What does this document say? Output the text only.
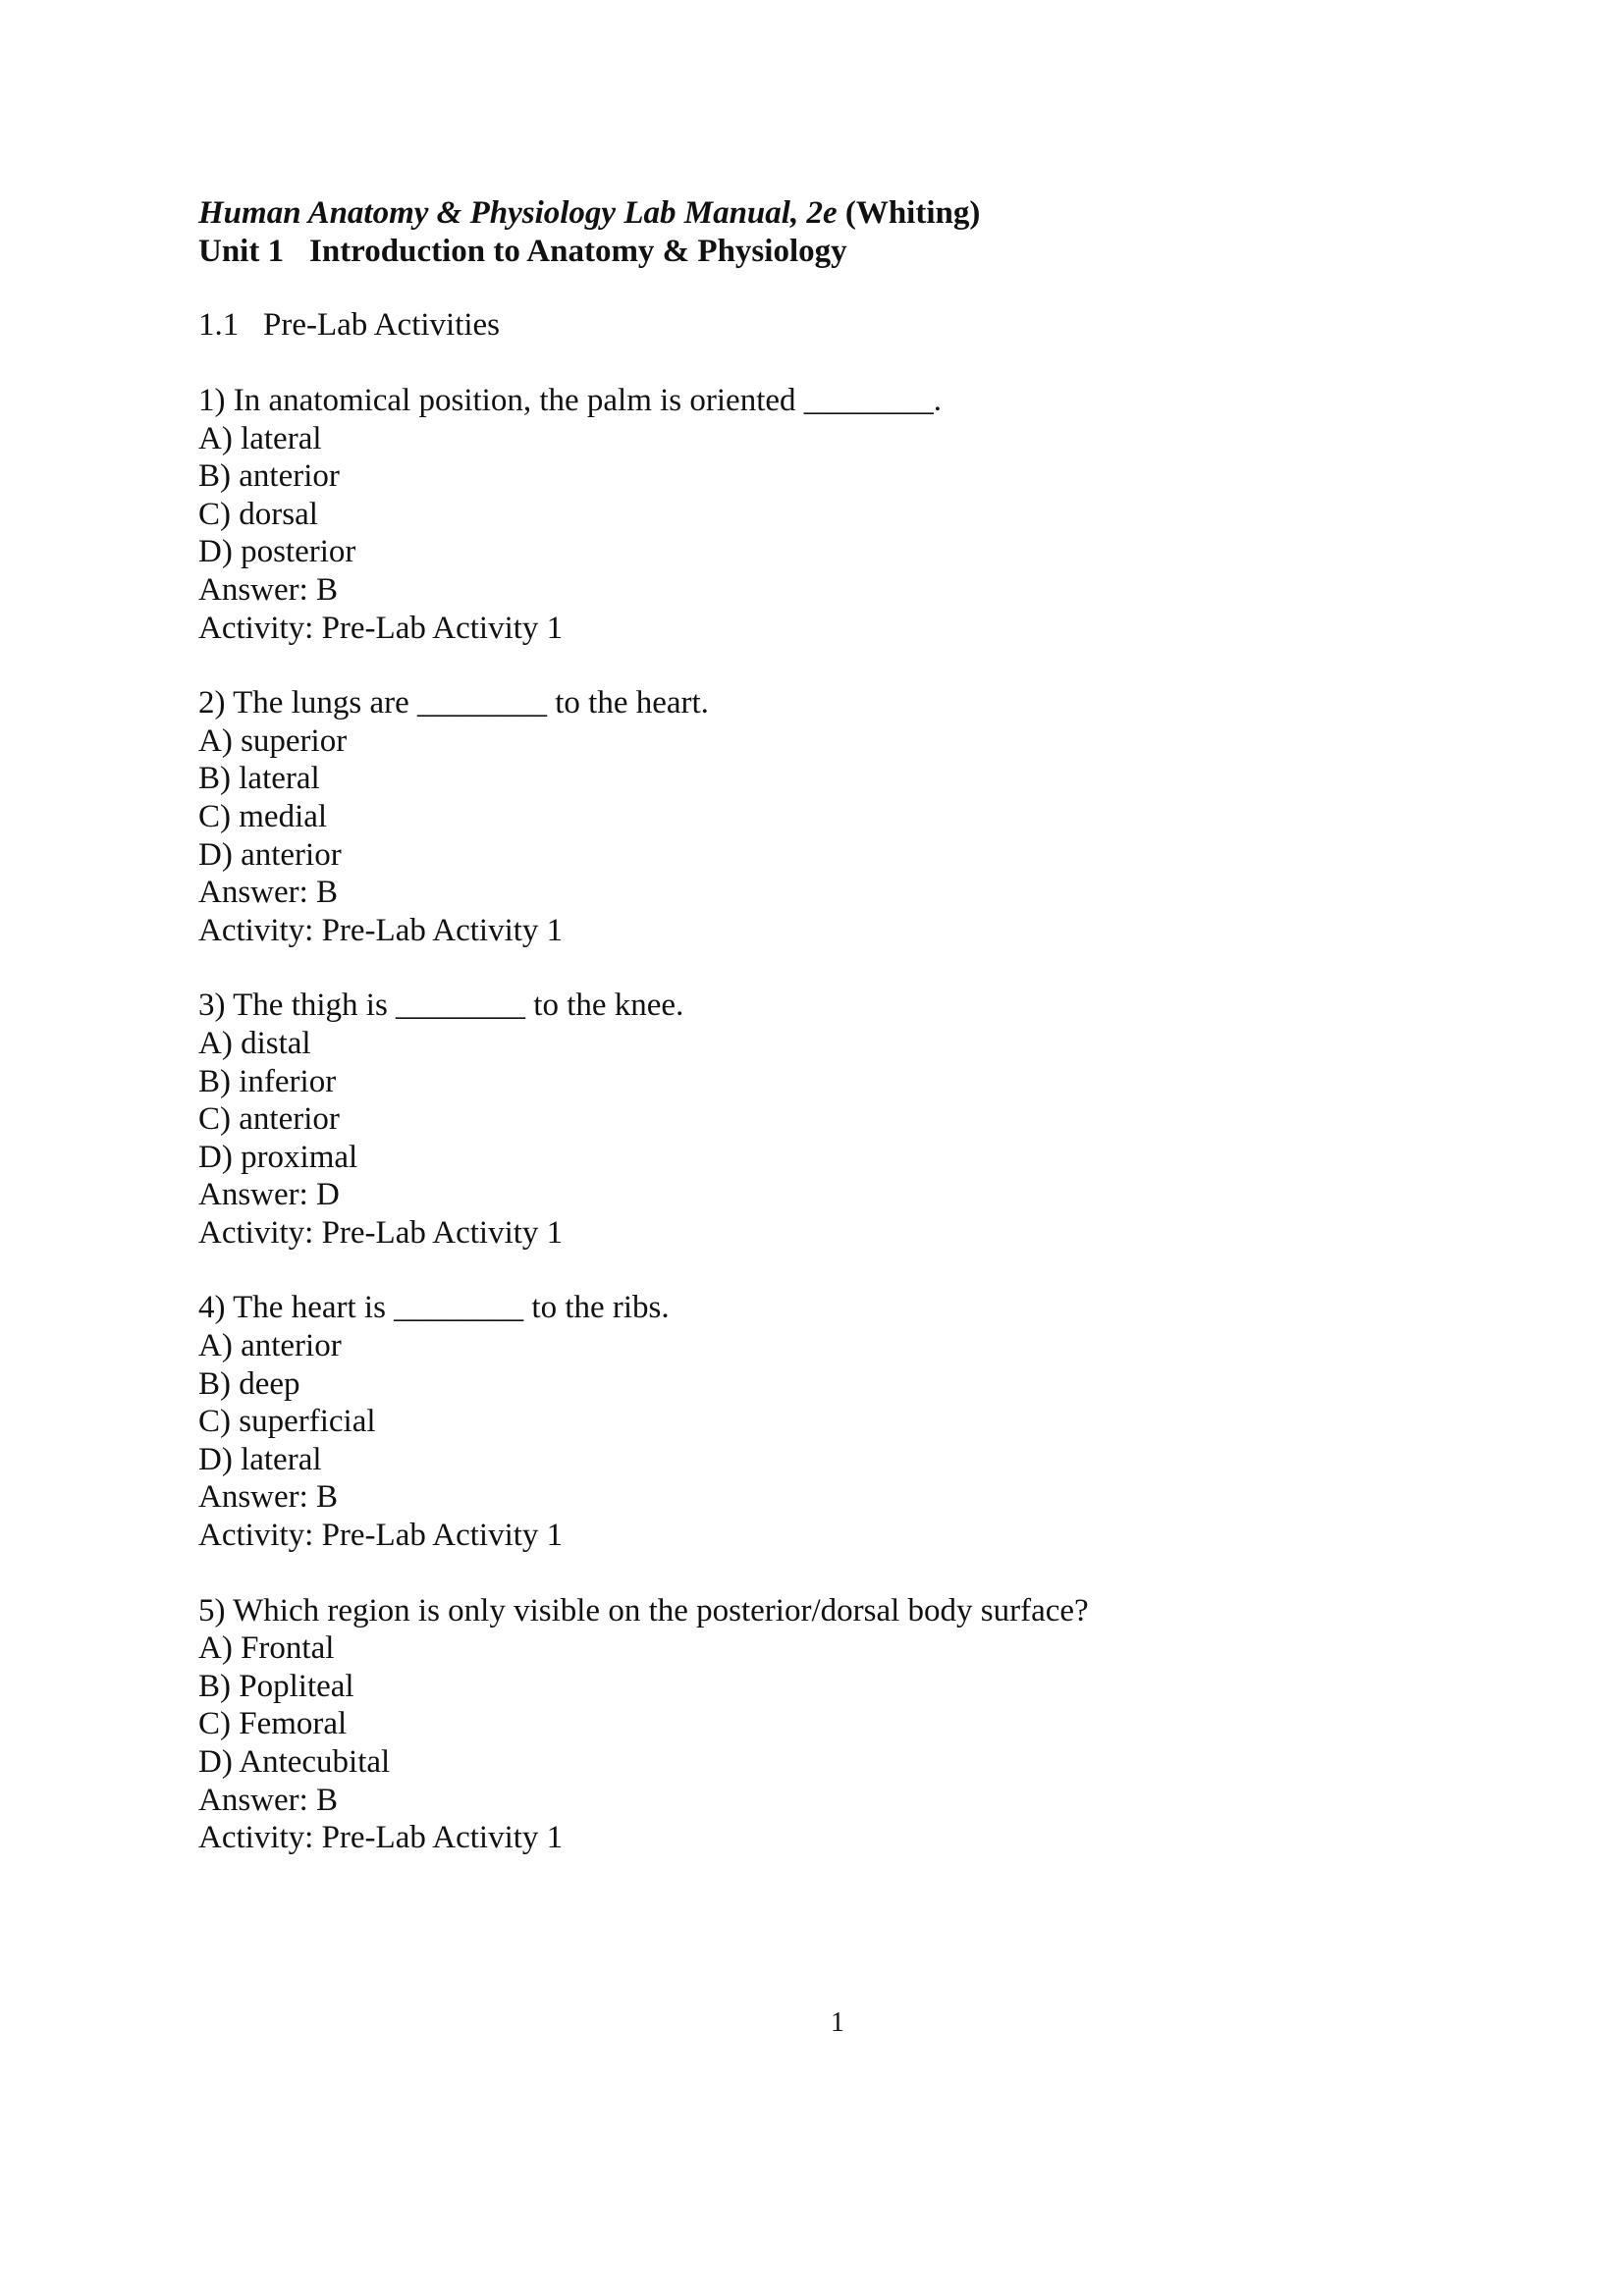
Human Anatomy & Physiology Lab Manual, 2e (Whiting)
Unit 1 Introduction to Anatomy & Physiology
1.1 Pre-Lab Activities
1) In anatomical position, the palm is oriented ________.
A) lateral
B) anterior
C) dorsal
D) posterior
Answer: B
Activity: Pre-Lab Activity 1
2) The lungs are ________ to the heart.
A) superior
B) lateral
C) medial
D) anterior
Answer: B
Activity: Pre-Lab Activity 1
3) The thigh is ________ to the knee.
A) distal
B) inferior
C) anterior
D) proximal
Answer: D
Activity: Pre-Lab Activity 1
4) The heart is ________ to the ribs.
A) anterior
B) deep
C) superficial
D) lateral
Answer: B
Activity: Pre-Lab Activity 1
5) Which region is only visible on the posterior/dorsal body surface?
A) Frontal
B) Popliteal
C) Femoral
D) Antecubital
Answer: B
Activity: Pre-Lab Activity 1
1
